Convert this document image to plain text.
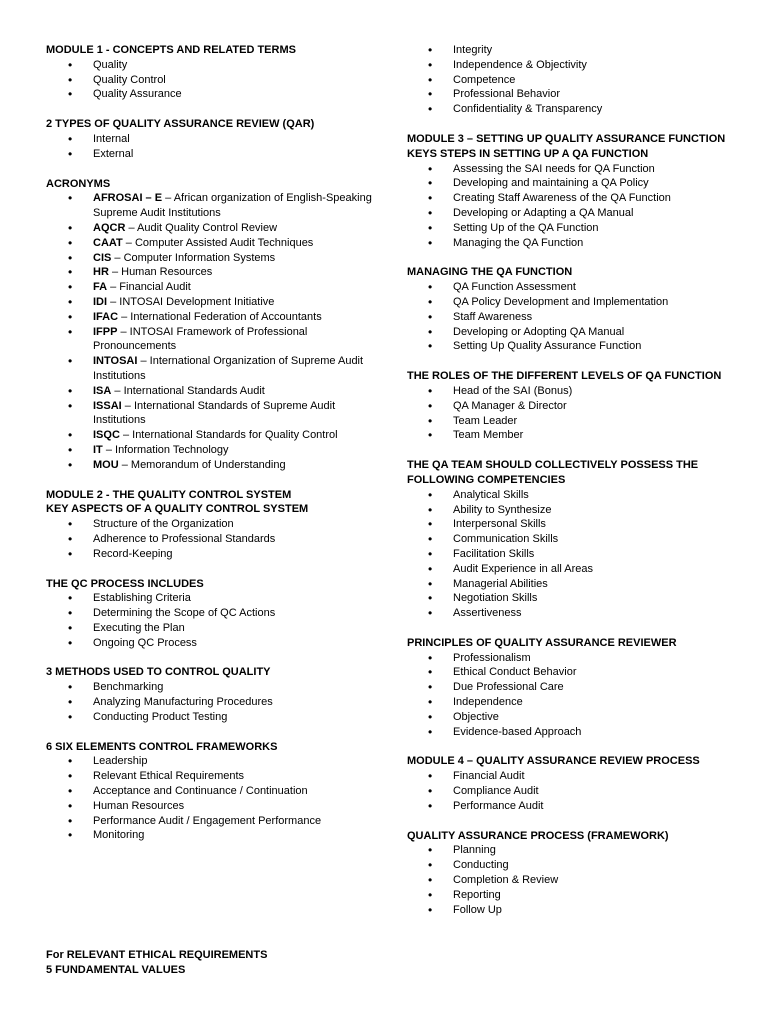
MODULE 1 - CONCEPTS AND RELATED TERMS
• Quality
• Quality Control
• Quality Assurance
2 TYPES OF QUALITY ASSURANCE REVIEW (QAR)
• Internal
• External
ACRONYMS
• AFROSAI – E – African organization of English-Speaking Supreme Audit Institutions
• AQCR – Audit Quality Control Review
• CAAT – Computer Assisted Audit Techniques
• CIS – Computer Information Systems
• HR – Human Resources
• FA – Financial Audit
• IDI – INTOSAI Development Initiative
• IFAC – International Federation of Accountants
• IFPP – INTOSAI Framework of Professional Pronouncements
• INTOSAI – International Organization of Supreme Audit Institutions
• ISA – International Standards Audit
• ISSAI – International Standards of Supreme Audit Institutions
• ISQC – International Standards for Quality Control
• IT – Information Technology
• MOU – Memorandum of Understanding
MODULE 2 - THE QUALITY CONTROL SYSTEM
KEY ASPECTS OF A QUALITY CONTROL SYSTEM
• Structure of the Organization
• Adherence to Professional Standards
• Record-Keeping
THE QC PROCESS INCLUDES
• Establishing Criteria
• Determining the Scope of QC Actions
• Executing the Plan
• Ongoing QC Process
3 METHODS USED TO CONTROL QUALITY
• Benchmarking
• Analyzing Manufacturing Procedures
• Conducting Product Testing
6 SIX ELEMENTS CONTROL FRAMEWORKS
• Leadership
• Relevant Ethical Requirements
• Acceptance and Continuance / Continuation
• Human Resources
• Performance Audit / Engagement Performance
• Monitoring
• Integrity
• Independence & Objectivity
• Competence
• Professional Behavior
• Confidentiality & Transparency
MODULE 3 – SETTING UP QUALITY ASSURANCE FUNCTION
KEYS STEPS IN SETTING UP A QA FUNCTION
• Assessing the SAI needs for QA Function
• Developing and maintaining a QA Policy
• Creating Staff Awareness of the QA Function
• Developing or Adapting a QA Manual
• Setting Up of the QA Function
• Managing the QA Function
MANAGING THE QA FUNCTION
• QA Function Assessment
• QA Policy Development and Implementation
• Staff Awareness
• Developing or Adopting QA Manual
• Setting Up Quality Assurance Function
THE ROLES OF THE DIFFERENT LEVELS OF QA FUNCTION
• Head of the SAI (Bonus)
• QA Manager & Director
• Team Leader
• Team Member
THE QA TEAM SHOULD COLLECTIVELY POSSESS THE FOLLOWING COMPETENCIES
• Analytical Skills
• Ability to Synthesize
• Interpersonal Skills
• Communication Skills
• Facilitation Skills
• Audit Experience in all Areas
• Managerial Abilities
• Negotiation Skills
• Assertiveness
PRINCIPLES OF QUALITY ASSURANCE REVIEWER
• Professionalism
• Ethical Conduct Behavior
• Due Professional Care
• Independence
• Objective
• Evidence-based Approach
MODULE 4 – QUALITY ASSURANCE REVIEW PROCESS
• Financial Audit
• Compliance Audit
• Performance Audit
QUALITY ASSURANCE PROCESS (FRAMEWORK)
• Planning
• Conducting
• Completion & Review
• Reporting
• Follow Up
For RELEVANT ETHICAL REQUIREMENTS
5 FUNDAMENTAL VALUES
